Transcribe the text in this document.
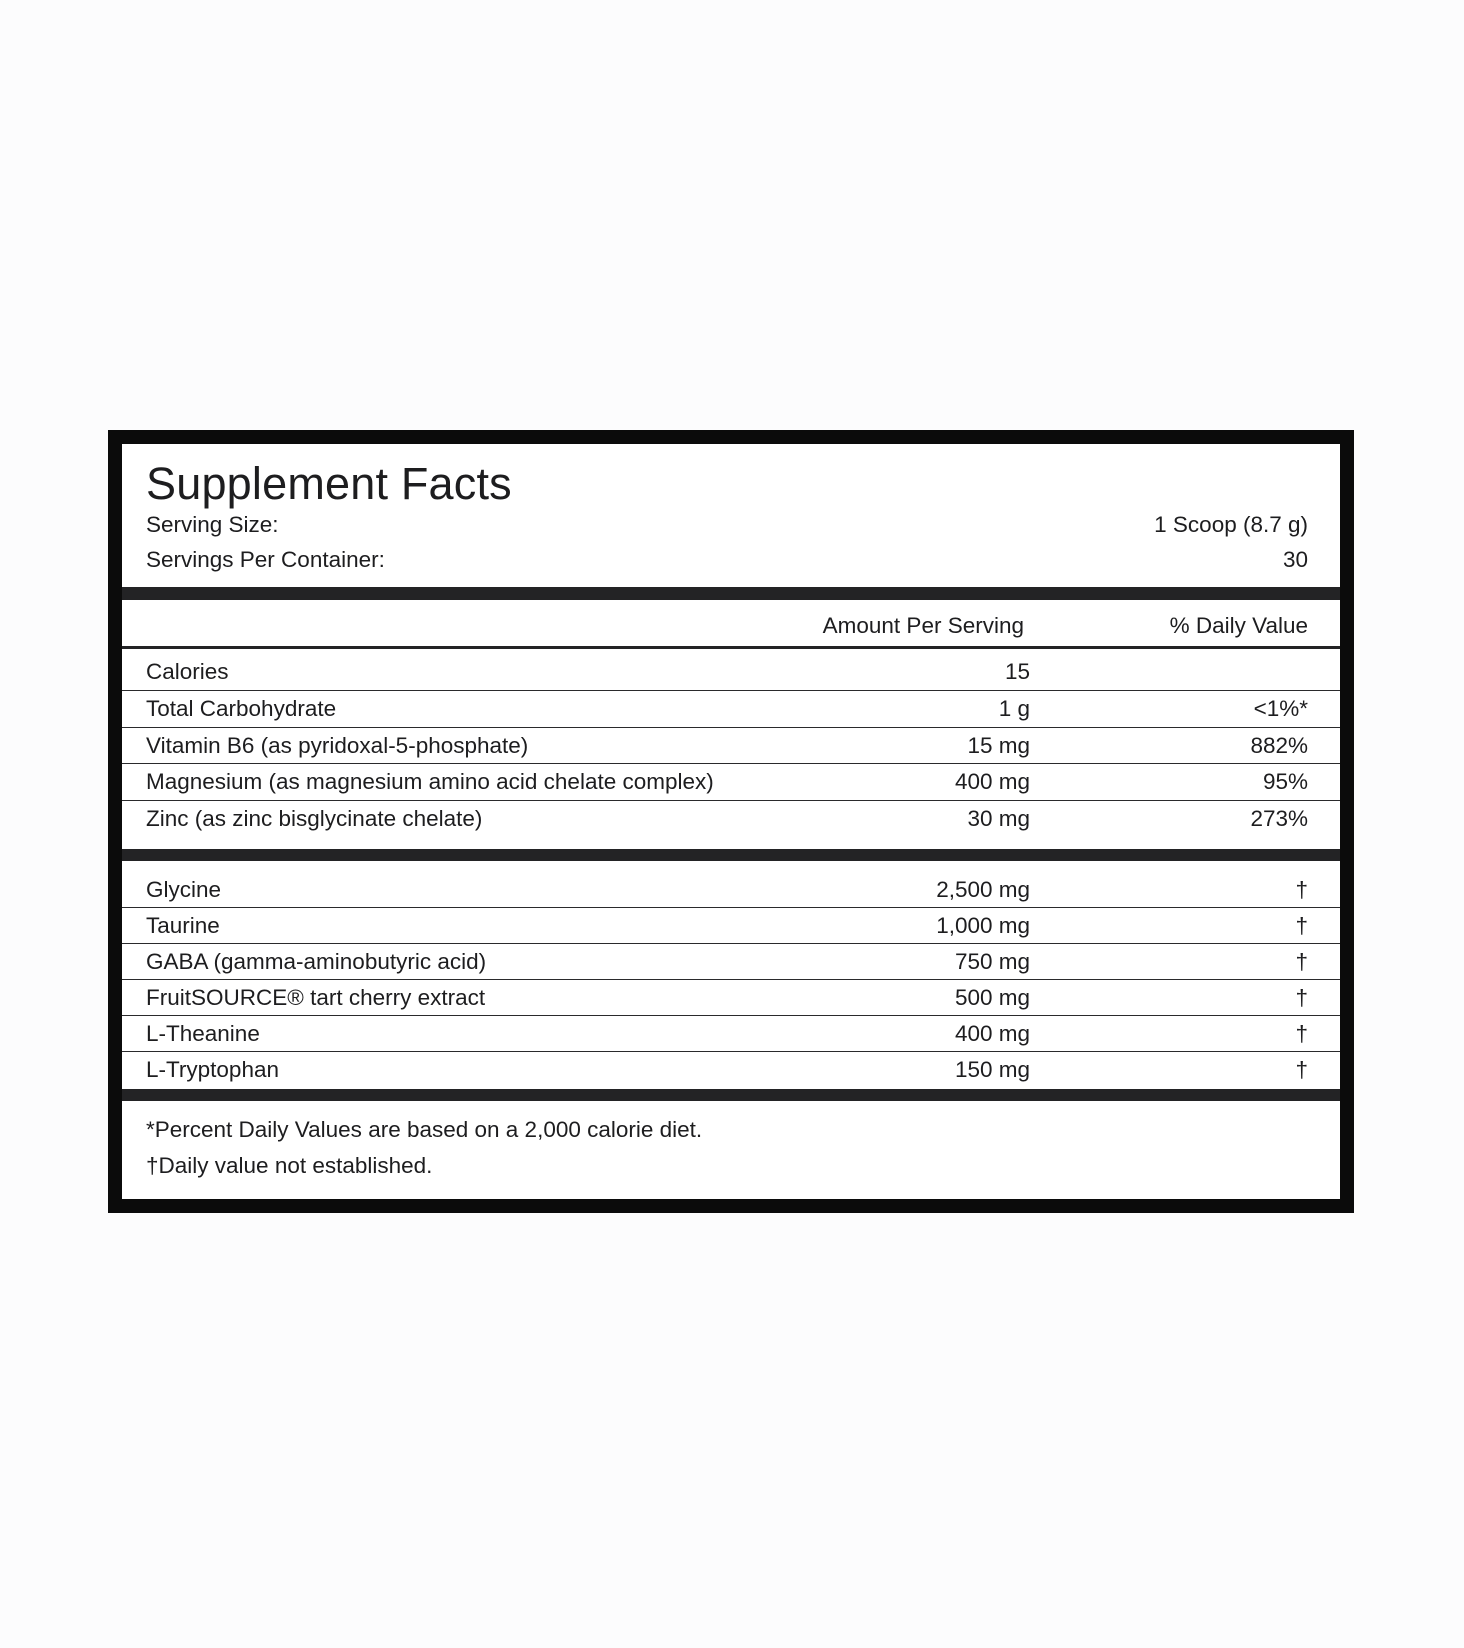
Supplement Facts
Serving Size:	1 Scoop (8.7 g)
Servings Per Container:	30
Amount Per Serving	% Daily Value
Calories	15
Total Carbohydrate	1 g	<1%*
Vitamin B6 (as pyridoxal-5-phosphate)	15 mg	882%
Magnesium (as magnesium amino acid chelate complex)	400 mg	95%
Zinc (as zinc bisglycinate chelate)	30 mg	273%
Glycine	2,500 mg	†
Taurine	1,000 mg	†
GABA (gamma-aminobutyric acid)	750 mg	†
FruitSOURCE® tart cherry extract	500 mg	†
L-Theanine	400 mg	†
L-Tryptophan	150 mg	†
*Percent Daily Values are based on a 2,000 calorie diet.
†Daily value not established.
